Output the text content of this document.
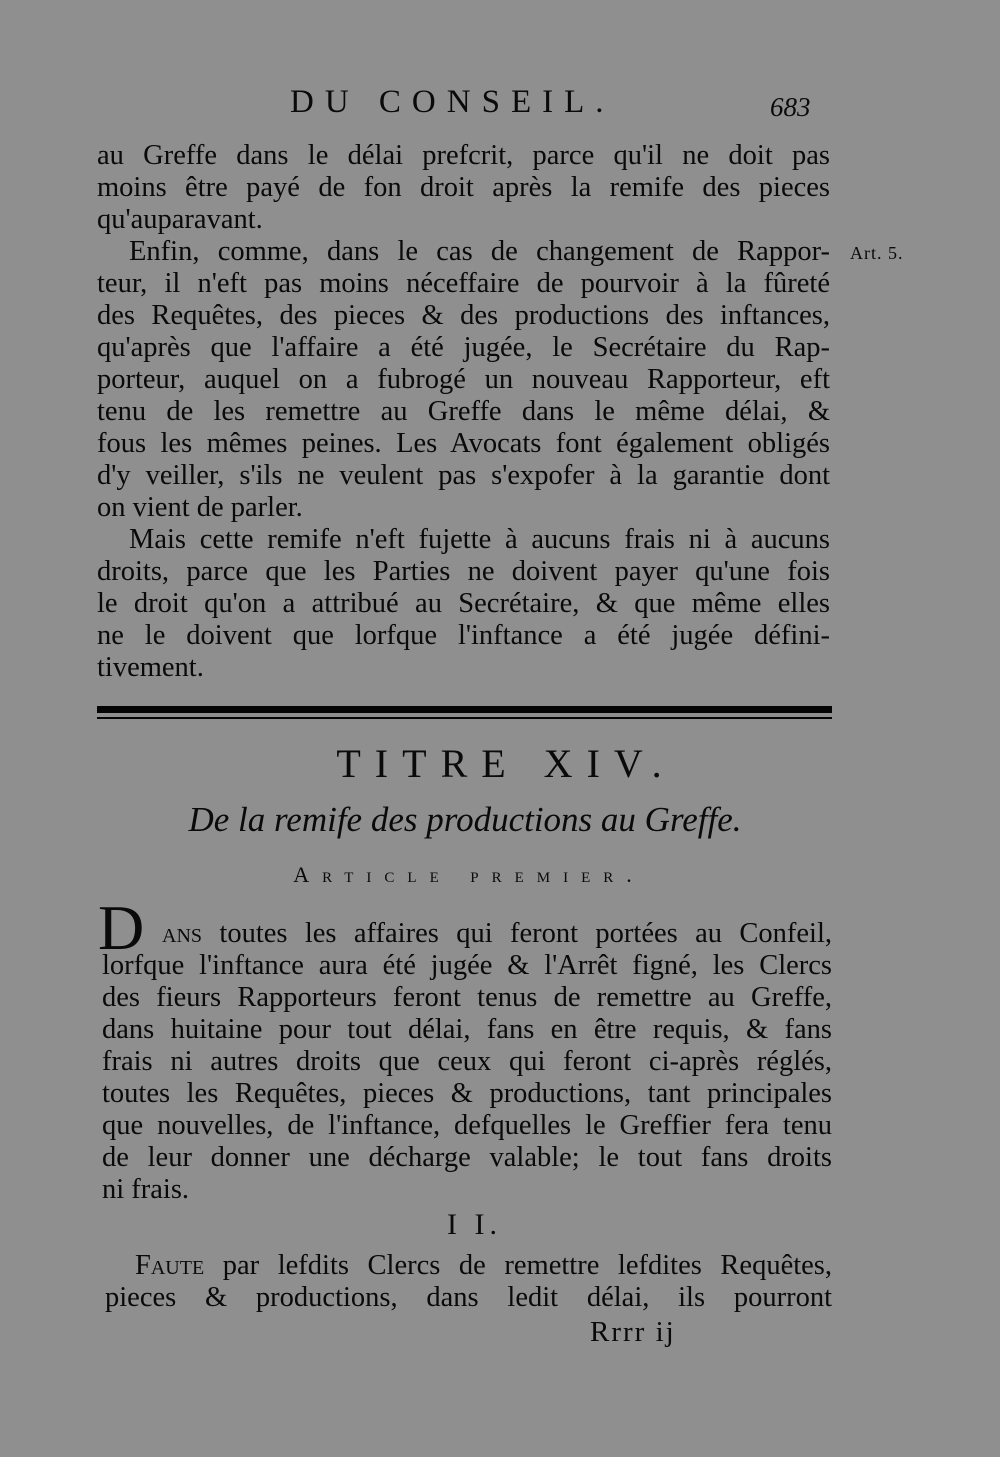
DU CONSEIL.	683
Art. 5.
au Greffe dans le délai prefcrit, parce qu'il ne doit pas
moins être payé de fon droit après la remife des pieces
qu'auparavant.
Enfin, comme, dans le cas de changement de Rappor-
teur, il n'eft pas moins néceffaire de pourvoir à la fûreté
des Requêtes, des pieces & des productions des inftances,
qu'après que l'affaire a été jugée, le Secrétaire du Rap-
porteur, auquel on a fubrogé un nouveau Rapporteur, eft
tenu de les remettre au Greffe dans le même délai, &
fous les mêmes peines. Les Avocats font également obligés
d'y veiller, s'ils ne veulent pas s'expofer à la garantie dont
on vient de parler.
Mais cette remife n'eft fujette à aucuns frais ni à aucuns
droits, parce que les Parties ne doivent payer qu'une fois
le droit qu'on a attribué au Secrétaire, & que même elles
ne le doivent que lorfque l'inftance a été jugée défini-
tivement.
TITRE XIV.
De la remife des productions au Greffe.
Article premier.
D ans toutes les affaires qui feront portées au Confeil,
lorfque l'inftance aura été jugée & l'Arrêt figné, les Clercs
des fieurs Rapporteurs feront tenus de remettre au Greffe,
dans huitaine pour tout délai, fans en être requis, & fans
frais ni autres droits que ceux qui feront ci-après réglés,
toutes les Requêtes, pieces & productions, tant principales
que nouvelles, de l'inftance, defquelles le Greffier fera tenu
de leur donner une décharge valable; le tout fans droits
ni frais.
I I.
Faute par lefdits Clercs de remettre lefdites Requêtes,
pieces & productions, dans ledit délai, ils pourront
Rrrr ij
